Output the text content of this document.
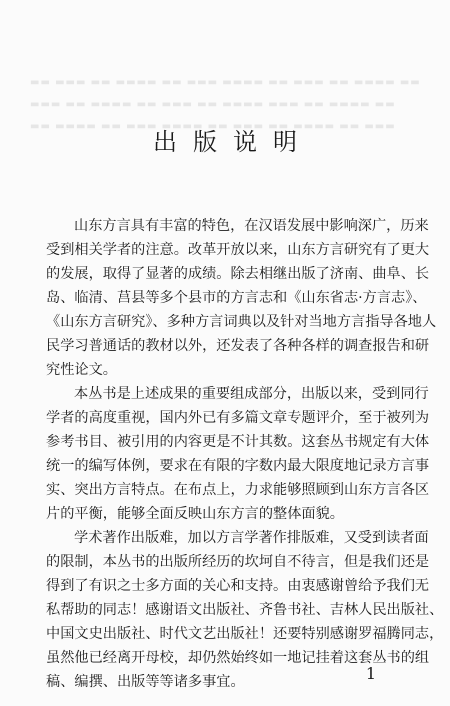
▬▬ ▬▬▬ ▬▬ ▬▬▬▬ ▬▬ ▬▬▬ ▬▬▬▬ ▬▬ ▬▬▬ ▬▬ ▬▬▬▬ ▬▬
▬▬▬ ▬▬ ▬▬▬▬ ▬▬ ▬▬▬ ▬▬ ▬▬▬▬ ▬▬▬ ▬▬ ▬▬▬▬ ▬▬
▬▬ ▬▬▬▬ ▬▬ ▬▬▬ ▬▬▬▬ ▬▬ ▬▬▬ ▬▬ ▬▬▬▬ ▬▬ ▬▬▬
出版说明

山东方言具有丰富的特色，在汉语发展中影响深广，历来
受到相关学者的注意。改革开放以来，山东方言研究有了更大
的发展，取得了显著的成绩。除去相继出版了济南、曲阜、长
岛、临清、莒县等多个县市的方言志和《山东省志·方言志》、
《山东方言研究》、多种方言词典以及针对当地方言指导各地人
民学习普通话的教材以外，还发表了各种各样的调查报告和研
究性论文。

本丛书是上述成果的重要组成部分，出版以来，受到同行
学者的高度重视，国内外已有多篇文章专题评介，至于被列为
参考书目、被引用的内容更是不计其数。这套丛书规定有大体
统一的编写体例，要求在有限的字数内最大限度地记录方言事
实、突出方言特点。在布点上，力求能够照顾到山东方言各区
片的平衡，能够全面反映山东方言的整体面貌。

学术著作出版难，加以方言学著作排版难，又受到读者面
的限制，本丛书的出版所经历的坎坷自不待言，但是我们还是
得到了有识之士多方面的关心和支持。由衷感谢曾给予我们无
私帮助的同志！感谢语文出版社、齐鲁书社、吉林人民出版社、
中国文史出版社、时代文艺出版社！还要特别感谢罗福腾同志，
虽然他已经离开母校，却仍然始终如一地记挂着这套丛书的组
稿、编撰、出版等等诸多事宜。	1
